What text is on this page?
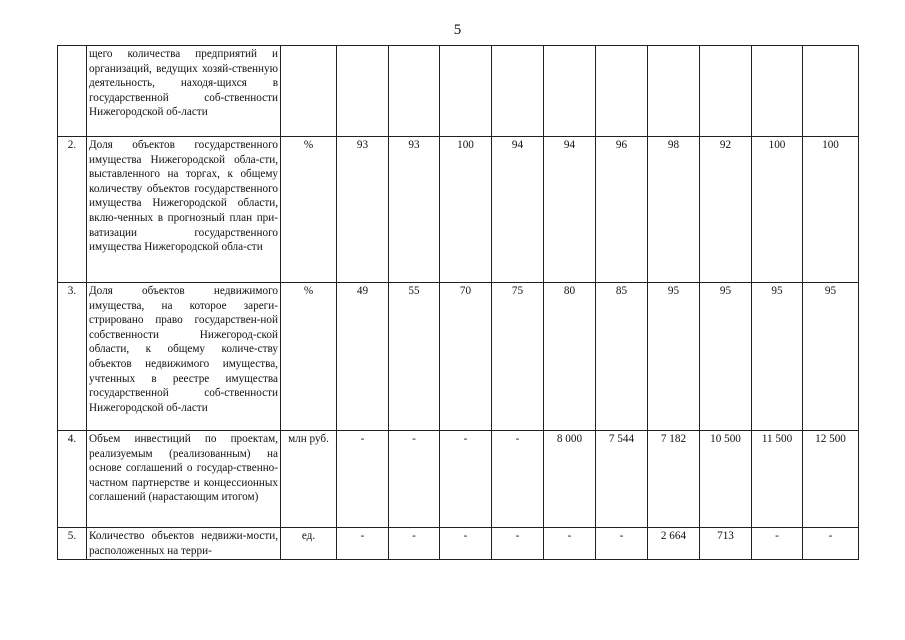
5
	щего количества предприятий и организаций, ведущих хозяй-ственную деятельность, находя-щихся в государственной соб-ственности Нижегородской об-ласти											
2.	Доля объектов государственного имущества Нижегородской обла-сти, выставленного на торгах, к общему количеству объектов государственного имущества Нижегородской области, вклю-ченных в прогнозный план при-ватизации государственного имущества Нижегородской обла-сти	%	93	93	100	94	94	96	98	92	100	100
3.	Доля объектов недвижимого имущества, на которое зареги-стрировано право государствен-ной собственности Нижегород-ской области, к общему количе-ству объектов недвижимого имущества, учтенных в реестре имущества государственной соб-ственности Нижегородской об-ласти	%	49	55	70	75	80	85	95	95	95	95
4.	Объем инвестиций по проектам, реализуемым (реализованным) на основе соглашений о государ-ственно-частном партнерстве и концессионных соглашений (нарастающим итогом)	млн руб.	-	-	-	-	8 000	7 544	7 182	10 500	11 500	12 500
5.	Количество объектов недвижи-мости, расположенных на терри-	ед.	-	-	-	-	-	-	2 664	713	-	-
